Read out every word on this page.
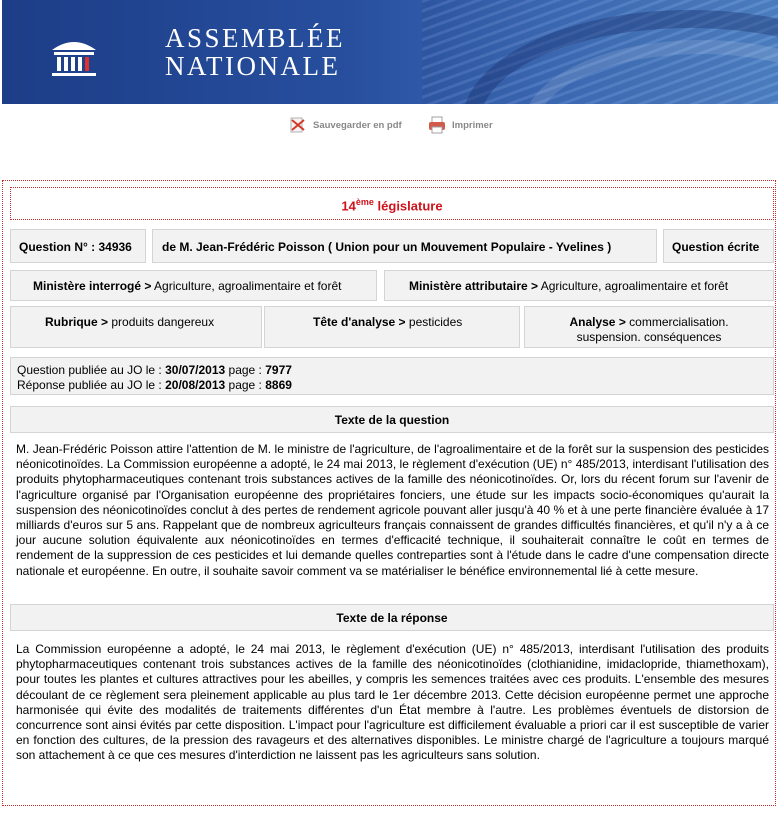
ASSEMBLÉE
NATIONALE
Sauvegarder en pdf	Imprimer
14ème législature
Question N° : 34936	de M. Jean-Frédéric Poisson ( Union pour un Mouvement Populaire - Yvelines )	Question écrite
Ministère interrogé > Agriculture, agroalimentaire et forêt	Ministère attributaire > Agriculture, agroalimentaire et forêt
Rubrique > produits dangereux	Tête d'analyse > pesticides	Analyse > commercialisation.
suspension. conséquences
Question publiée au JO le : 30/07/2013 page : 7977
Réponse publiée au JO le : 20/08/2013 page : 8869
Texte de la question
M. Jean-Frédéric Poisson attire l'attention de M. le ministre de l'agriculture, de l'agroalimentaire et de la forêt sur la suspension des pesticides néonicotinoïdes. La Commission européenne a adopté, le 24 mai 2013, le règlement d'exécution (UE) n° 485/2013, interdisant l'utilisation des produits phytopharmaceutiques contenant trois substances actives de la famille des néonicotinoïdes. Or, lors du récent forum sur l'avenir de l'agriculture organisé par l'Organisation européenne des propriétaires fonciers, une étude sur les impacts socio-économiques qu'aurait la suspension des néonicotinoïdes conclut à des pertes de rendement agricole pouvant aller jusqu'à 40 % et à une perte financière évaluée à 17 milliards d'euros sur 5 ans. Rappelant que de nombreux agriculteurs français connaissent de grandes difficultés financières, et qu'il n'y a à ce jour aucune solution équivalente aux néonicotinoïdes en termes d'efficacité technique, il souhaiterait connaître le coût en termes de rendement de la suppression de ces pesticides et lui demande quelles contreparties sont à l'étude dans le cadre d'une compensation directe nationale et européenne. En outre, il souhaite savoir comment va se matérialiser le bénéfice environnemental lié à cette mesure.
Texte de la réponse
La Commission européenne a adopté, le 24 mai 2013, le règlement d'exécution (UE) n° 485/2013, interdisant l'utilisation des produits phytopharmaceutiques contenant trois substances actives de la famille des néonicotinoïdes (clothianidine, imidaclopride, thiamethoxam), pour toutes les plantes et cultures attractives pour les abeilles, y compris les semences traitées avec ces produits. L'ensemble des mesures découlant de ce règlement sera pleinement applicable au plus tard le 1er décembre 2013. Cette décision européenne permet une approche harmonisée qui évite des modalités de traitements différentes d'un État membre à l'autre. Les problèmes éventuels de distorsion de concurrence sont ainsi évités par cette disposition. L'impact pour l'agriculture est difficilement évaluable a priori car il est susceptible de varier en fonction des cultures, de la pression des ravageurs et des alternatives disponibles. Le ministre chargé de l'agriculture a toujours marqué son attachement à ce que ces mesures d'interdiction ne laissent pas les agriculteurs sans solution.
